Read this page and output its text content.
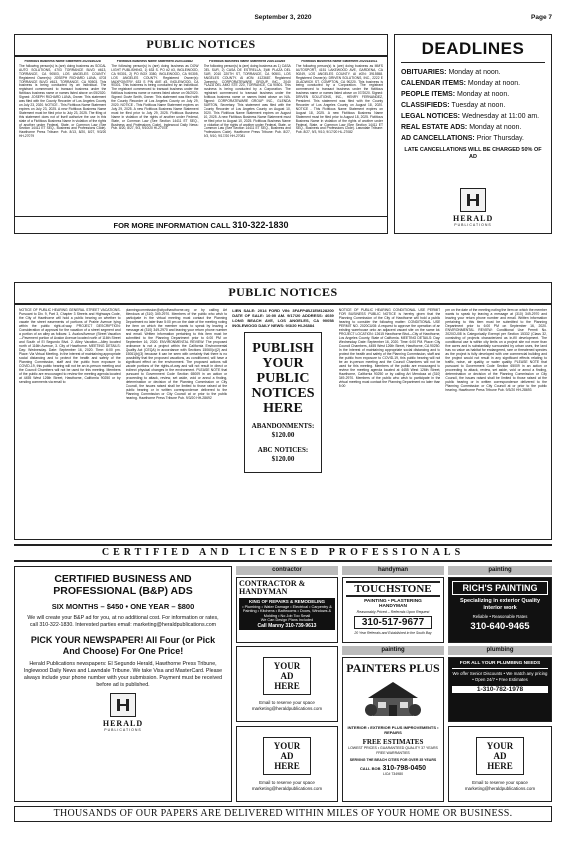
September 3, 2020	Page 7
PUBLIC NOTICES
Fictitious Business Name Statement 2020160228
The following person(s) is (are) doing business as SOCAL AUTO SOLUTIONS, 4703 TORRANCE BLVD #613, TORRANCE, CA 90503, LOS ANGELES COUNTY. Registered Owner(s): JOSEPH RICHARD LUNA, 4703 TORRANCE BLVD #613, TORRANCE, CA 90503. This business is being conducted by an Individual. The registrant commenced to transact business under the fictitious business name or names listed above on 05/2020. Signed: JOSEPH RICHARD LUNA, Owner. This statement was filed with the County Recorder of Los Angeles County on July 23, 2020. NOTICE - This Fictitious Name Statement expires on July 23, 2025. A new Fictitious Business Name Statement must be filed prior to July 23, 2025. The filing of this statement does not of itself authorize the use in this state of a Fictitious Business Name in violation of the rights of another under Federal, State, or Common Law (See Section 14411 ET SEQ., Business and Professions Code). Hawthorne Press Tribune: Pub. 8/13, 8/20, 8/27, 9/3/20 HH-27079
Fictitious Business Name Statement 2020133682
The following person(s) is (are) doing business as DOW LIGHT PUBLISHING, 1) 633 S. PO #2 #3, INGLEWOOD, CA 90301, 2) PO BOX 3380, INGLEWOOD, CA 90305, LOS ANGELES COUNTY. Registered Owner(s): MAXPOINTRY, 633 S PIN AVE #3, INGLEWOOD, CA 90301. This business is being conducted by an Individual. The registrant commenced to transact business under the fictitious business name or names listed above on 05/2020. Signed: Dovie Smith, Owner. This statement was filed with the County Recorder of Los Angeles County on July 29, 2020. NOTICE - This Fictitious Name Statement expires on July 29, 2025. A new Fictitious Business Name Statement must be filed prior to July 29, 2025. Fictitious Business Name in violation of the rights of another under Federal, State, or Common Law (See Section 14411 ET SEQ., Business and Professions Code). Inglewood Daily News: Pub. 8/20, 8/27, 9/3, 9/10/20 HI-27078
Fictitious Business Name Statement 2020134265
The following person(s) is (are) doing business as 1) CASA DEL SUR, 2) CASA DE ESTRELLA, 3)MI PLAZA DEL SUR, 2010 220TH ST, TORRANCE, CA 90501, LOS ANGELES COUNTY. AI #ON: 4123687. Registered Owner(s): CORPORATEWARE GROUP, INC., 2040 PLAZA DEL AMO STE 220, TORRANCE, CA 90501. This business is being conducted by a Corporation. The registrant commenced to transact business under the fictitious business name or names listed above on N/A. Signed: CORPORATEWARE GROUP INC., GLENDA BURTON, Secretary. This statement was filed with the County Recorder of Los Angeles County on August 10, 2020. This Fictitious Name Statement expires on August 10, 2025. A new Fictitious Business Name Statement must be filed prior to August 10, 2025. Fictitious Business Name in violation of the rights of another under Federal, State, or Common Law (See Section 14411 ET SEQ., Business and Professions Code). Hawthorne Press Tribune: Pub. 8/27, 9/3, 9/10, 9/17/20 HH-27081
Fictitious Business Name Statement 2020144011
The following person(s) is (are) doing business as MM'S AUTOSPORT, 4151 LAKEWOOD AVE, GARDENA, CA 90249, LOS ANGELES COUNTY. AI #ON: 3915558. Registered Owner(s): DRIVEN SOLUTIONS, INC., 2222 E GLADWICK ST, COMPTON, CA 90220. This business is being conducted by a Corporation. The registrant commenced to transact business under the fictitious business name or names listed above on 07/2020. Signed: DRIVEN SOLUTIONS, INC., HENRY FERNANDEZ, President. This statement was filed with the County Recorder of Los Angeles County on August 18, 2020. NOTICE - This Fictitious Name Statement expires on August 18, 2025. A new Fictitious Business Name Statement must be filed prior to August 18, 2025. Fictitious Business Name in violation of the rights of another under Federal, State, or Common Law (See Section 14411 ET SEQ., Business and Professions Code). Lawndale Tribune: Pub. 8/27, 9/3, 9/10, 9/17/20 HL-27082
FOR MORE INFORMATION CALL 310-322-1830
DEADLINES
OBITUARIES: Monday at noon.
CALENDAR ITEMS: Monday at noon.
PEOPLE ITEMS: Monday at noon.
CLASSIFIEDS: Tuesday at noon.
LEGAL NOTICES: Wednesday at 11:00 am.
REAL ESTATE ADS: Monday at noon.
AD CANCELLATIONS: Prior Thursday.
LATE CANCELLATIONS WILL BE CHARGED 50% OF AD
HERALD
PUBLICATIONS
PUBLIC NOTICES
NOTICE OF PUBLIC HEARING GENERAL STREET VACATIONS. Pursuant to Div. 9, Part 3, Chapter 3 Streets and Highways Code, the City of Hawthorne will hold a public hearing on whether to vacate the street easements of portions of Prairie Avenue lying within the public right-of-way. PROJECT DESCRIPTION: Consideration of approval for the vacation of a street segment and a portion of an alley as follows: 1. Avalon/Avenue (Street Vacation—Pavement portion of Avalon Avenue located north of 116th Street and South of El Segundo Blvd. 2. Alley Vacation—Alley located north of 116th Avenue, 3. City of Hawthorne. MEETING DETAILS: Day: Wednesday. Date: September 16, 2020. Time: 6:00 pm. Place: Via Virtual Meeting. In the interest of maintaining appropriate social distancing and to protect the health and safety of the Planning Commission, staff and the public from exposure to COVID-19, this public hearing will not be an in-person meeting and the Council Chambers will not be used for this meeting. Members of the public are encouraged to review the meeting agenda located at 4455 West 126th Street, Hawthorne, California 90250 or by sending comments via email to
planningcommission@cityofhawthorne.org or by calling Art Mendoza at (310) 349-2970. Members of the public who wish to participate in the virtual meeting must contact the Planning Department no later than 5:00 pm on the date of the meeting noting the item on which the member wants to speak by leaving a message at (310) 349-2970 and leaving your return phone number and email. Written information pertaining to this item must be submitted to the Planning Department prior to 6:00 PM on September 16, 2020. ENVIRONMENTAL REVIEW: The proposed ordinance is not a project within the California Environmental Quality Act (CEQA) in accordance with Sections 15060(c)(2) and 15061(b)(3) because it can be seen with certainty that there is no possibility that the proposed vacations, as conditioned, will have a significant effect on the environment. The proposed actions will vacate portions of the rights-of-way and will not result in direct or indirect physical changes in the environment. PLEASE NOTE that pursuant to Government Code Section 65009 in an action or proceeding to attack, review, set aside, void or annul a finding, determination or decision of the Planning Commission or City Council, the issues raised shall be limited to those raised at the public hearing or in written correspondence delivered to the Planning Commission or City Council at or prior to the public hearing. Hawthorne Press Tribune Pub. 9/3/20 HH-28692
LIEN SALE: 2014 FORD VIN: 3FAFP4BJ1EM128200 DATE OF SALE: 10:00 AM. 9/17/20 ADDRESS: 4039 LONG BEACH AVE, LOS ANGELES, CA 90058 INGLEWOOD DAILY NEWS: 9/3/20 HI-26884
PUBLISH YOUR PUBLIC NOTICES HERE
ABANDONMENTS: $120.00
ABC NOTICES: $120.00
NOTICE OF PUBLIC HEARING CONDITIONAL USE PERMIT FOR BUSINESS PUBLIC NOTICE is hereby given that the Planning Commission of the City of Hawthorne will hold a public hearing to consider the following matter: CONDITIONAL USE PERMIT NO. 2020CU08: A request to approve the operation of an existing warehouse onto an adjacent vacant site on the same lot. PROJECT LOCATION: 12615 Hawthorne Blvd—City of Hawthorne, Los Angeles County, State of California. MEETING DETAILS: Day: Wednesday. Date: September 16, 2020. Time: 6:00 PM. Place: City Council Chambers, 4455 West 126th Street, Hawthorne, CA 90250. In the interest of maintaining appropriate social distancing and to protect the health and safety of the Planning Commission, staff and the public from exposure to COVID-19, this public hearing will not be an in-person meeting and the Council Chambers will not be used for this meeting. Members of the public are encouraged to review the meeting agenda located at 4455 West 126th Street, Hawthorne, California 90250 or by calling Art Mendoza at (310) 349-2970. Members of the public who wish to participate in the virtual meeting must contact the Planning Department no later than 5:00
pm on the date of the meeting noting the item on which the member wants to speak by leaving a message at (310) 349-2970 and leaving your return phone number and email. Written information pertaining to this item must be submitted to the Planning Department prior to 6:00 PM on September 16, 2020. ENVIRONMENTAL REVIEW: Conditional Use Permit No. 2020CU08 is Categorically Exempt per Section 15332 (Class 32, consisting of projects characterized as in-fill development. The conditional use is within city limits on a project site not more than five acres and is substantially surrounded by urban uses, the land has no value as habitat for endangered, rare or threatened species as the project is fully developed with one commercial building and the project would not result in any significant effects relating to traffic, noise, air quality, or water quality. PLEASE NOTE that pursuant to Government Code Section 65009 in an action or proceeding to attack, review, set aside, void or annul a finding, determination or decision of the Planning Commission or City Council, the issues raised shall be limited to those raised at the public hearing or in written correspondence delivered to the Planning Commission or City Council at or prior to the public hearing. Hawthorne Press Tribune Pub. 9/3/20 HH-28693
CERTIFIED AND LICENSED PROFESSIONALS
CERTIFIED BUSINESS AND PROFESSIONAL (B&P) ADS
SIX MONTHS – $450 • ONE YEAR – $800
We will create your B&P ad for you, at no additional cost. For information or rates, call 310-322-1830. Interested parties email: marketing@heraldpublications.com
PICK YOUR NEWSPAPER! All Four (or Pick And Choose) For One Price!
Herald Publications newspapers: El Segundo Herald, Hawthorne Press Tribune, Inglewood Daily News and Lawndale Tribune. We take Visa and MasterCard. Please always include your phone number with your submission. Payment must be received before ad is published.
HERALD
PUBLICATIONS
contractor	handyman	painting
painting	plumbing
CONTRACTOR & HANDYMAN
KING OF REPAIRS & REMODELING
• Plumbing • Water Damage • Electrical • Carpentry & Painting • Kitchens • Bathrooms • Doors, Windows & Molding • No Job Too Small
We Can Design Plans Included
Call Manny 310-739-9613
TOUCHSTONE
PAINTING • PLASTERING
HANDYMAN
Reasonably Priced – Referrals Upon Request
310-517-9677
20 Year Referrals and Established in the South Bay
RICH'S PAINTING
Specializing in exterior Quality interior work
Reliable • Reasonable Rates
310-640-9465
YOUR
AD
HERE
Email to reserve your space marketing@heraldpublications.com
YOUR
AD
HERE
Email to reserve your space marketing@heraldpublications.com
PAINTERS PLUS
INTERIOR • EXTERIOR PLUS IMPROVEMENTS • REPAIRS
FREE ESTIMATES
LOWEST PRICES • GUARANTEED QUALITY 37 YEARS FREE WARRANTIES
SERVING THE BEACH CITIES FOR OVER 35 YEARS
CALL BOB 310-798-0450
LIC# 734980
FOR ALL YOUR PLUMBING NEEDS
We offer Senior Discounts • We match any pricing • Open 24/7 • Free Estimates
1-310-782-1978
YOUR
AD
HERE
Email to reserve your space marketing@heraldpublications.com
THOUSANDS OF OUR PAPERS ARE DELIVERED WITHIN MILES OF YOUR HOME OR BUSINESS.
